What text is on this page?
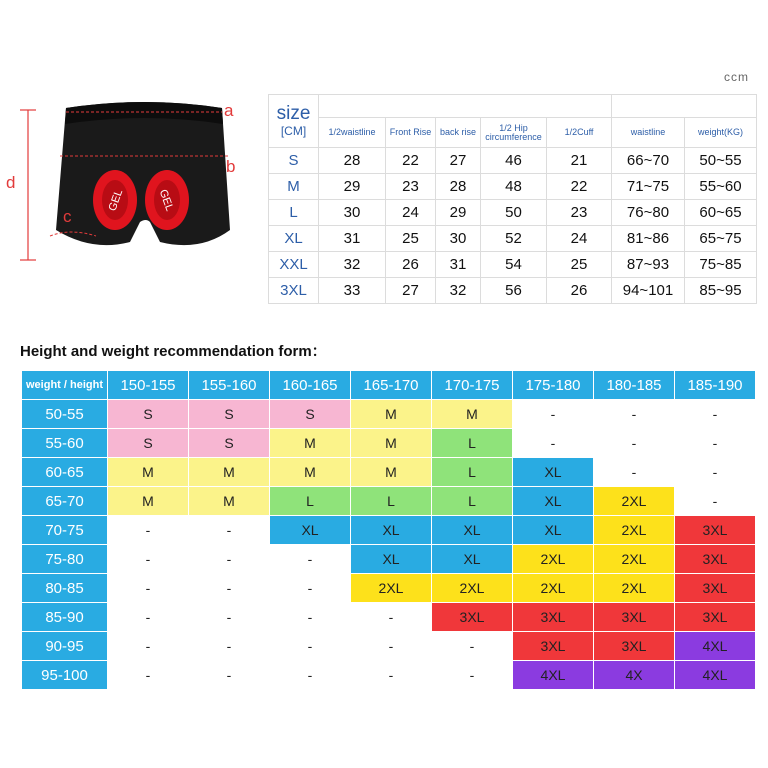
GEL	GEL
a
b
c
d
ccm
size
[CM]							

	1/2waistline	Front Rise	back rise	1/2 Hip circumference	1/2Cuff	waistline	weight(KG)
S	28	22	27	46	21	66~70	50~55
M	29	23	28	48	22	71~75	55~60
L	30	24	29	50	23	76~80	60~65
XL	31	25	30	52	24	81~86	65~75
XXL	32	26	31	54	25	87~93	75~85
3XL	33	27	32	56	26	94~101	85~95
Height and weight recommendation form：
weight / height	150-155	155-160	160-165	165-170	170-175	175-180	180-185	185-190
50-55	S	S	S	M	M	-	-	-
55-60	S	S	M	M	L	-	-	-
60-65	M	M	M	M	L	XL	-	-
65-70	M	M	L	L	L	XL	2XL	-
70-75	-	-	XL	XL	XL	XL	2XL	3XL
75-80	-	-	-	XL	XL	2XL	2XL	3XL
80-85	-	-	-	2XL	2XL	2XL	2XL	3XL
85-90	-	-	-	-	3XL	3XL	3XL	3XL
90-95	-	-	-	-	-	3XL	3XL	4XL
95-100	-	-	-	-	-	4XL	4X	4XL
